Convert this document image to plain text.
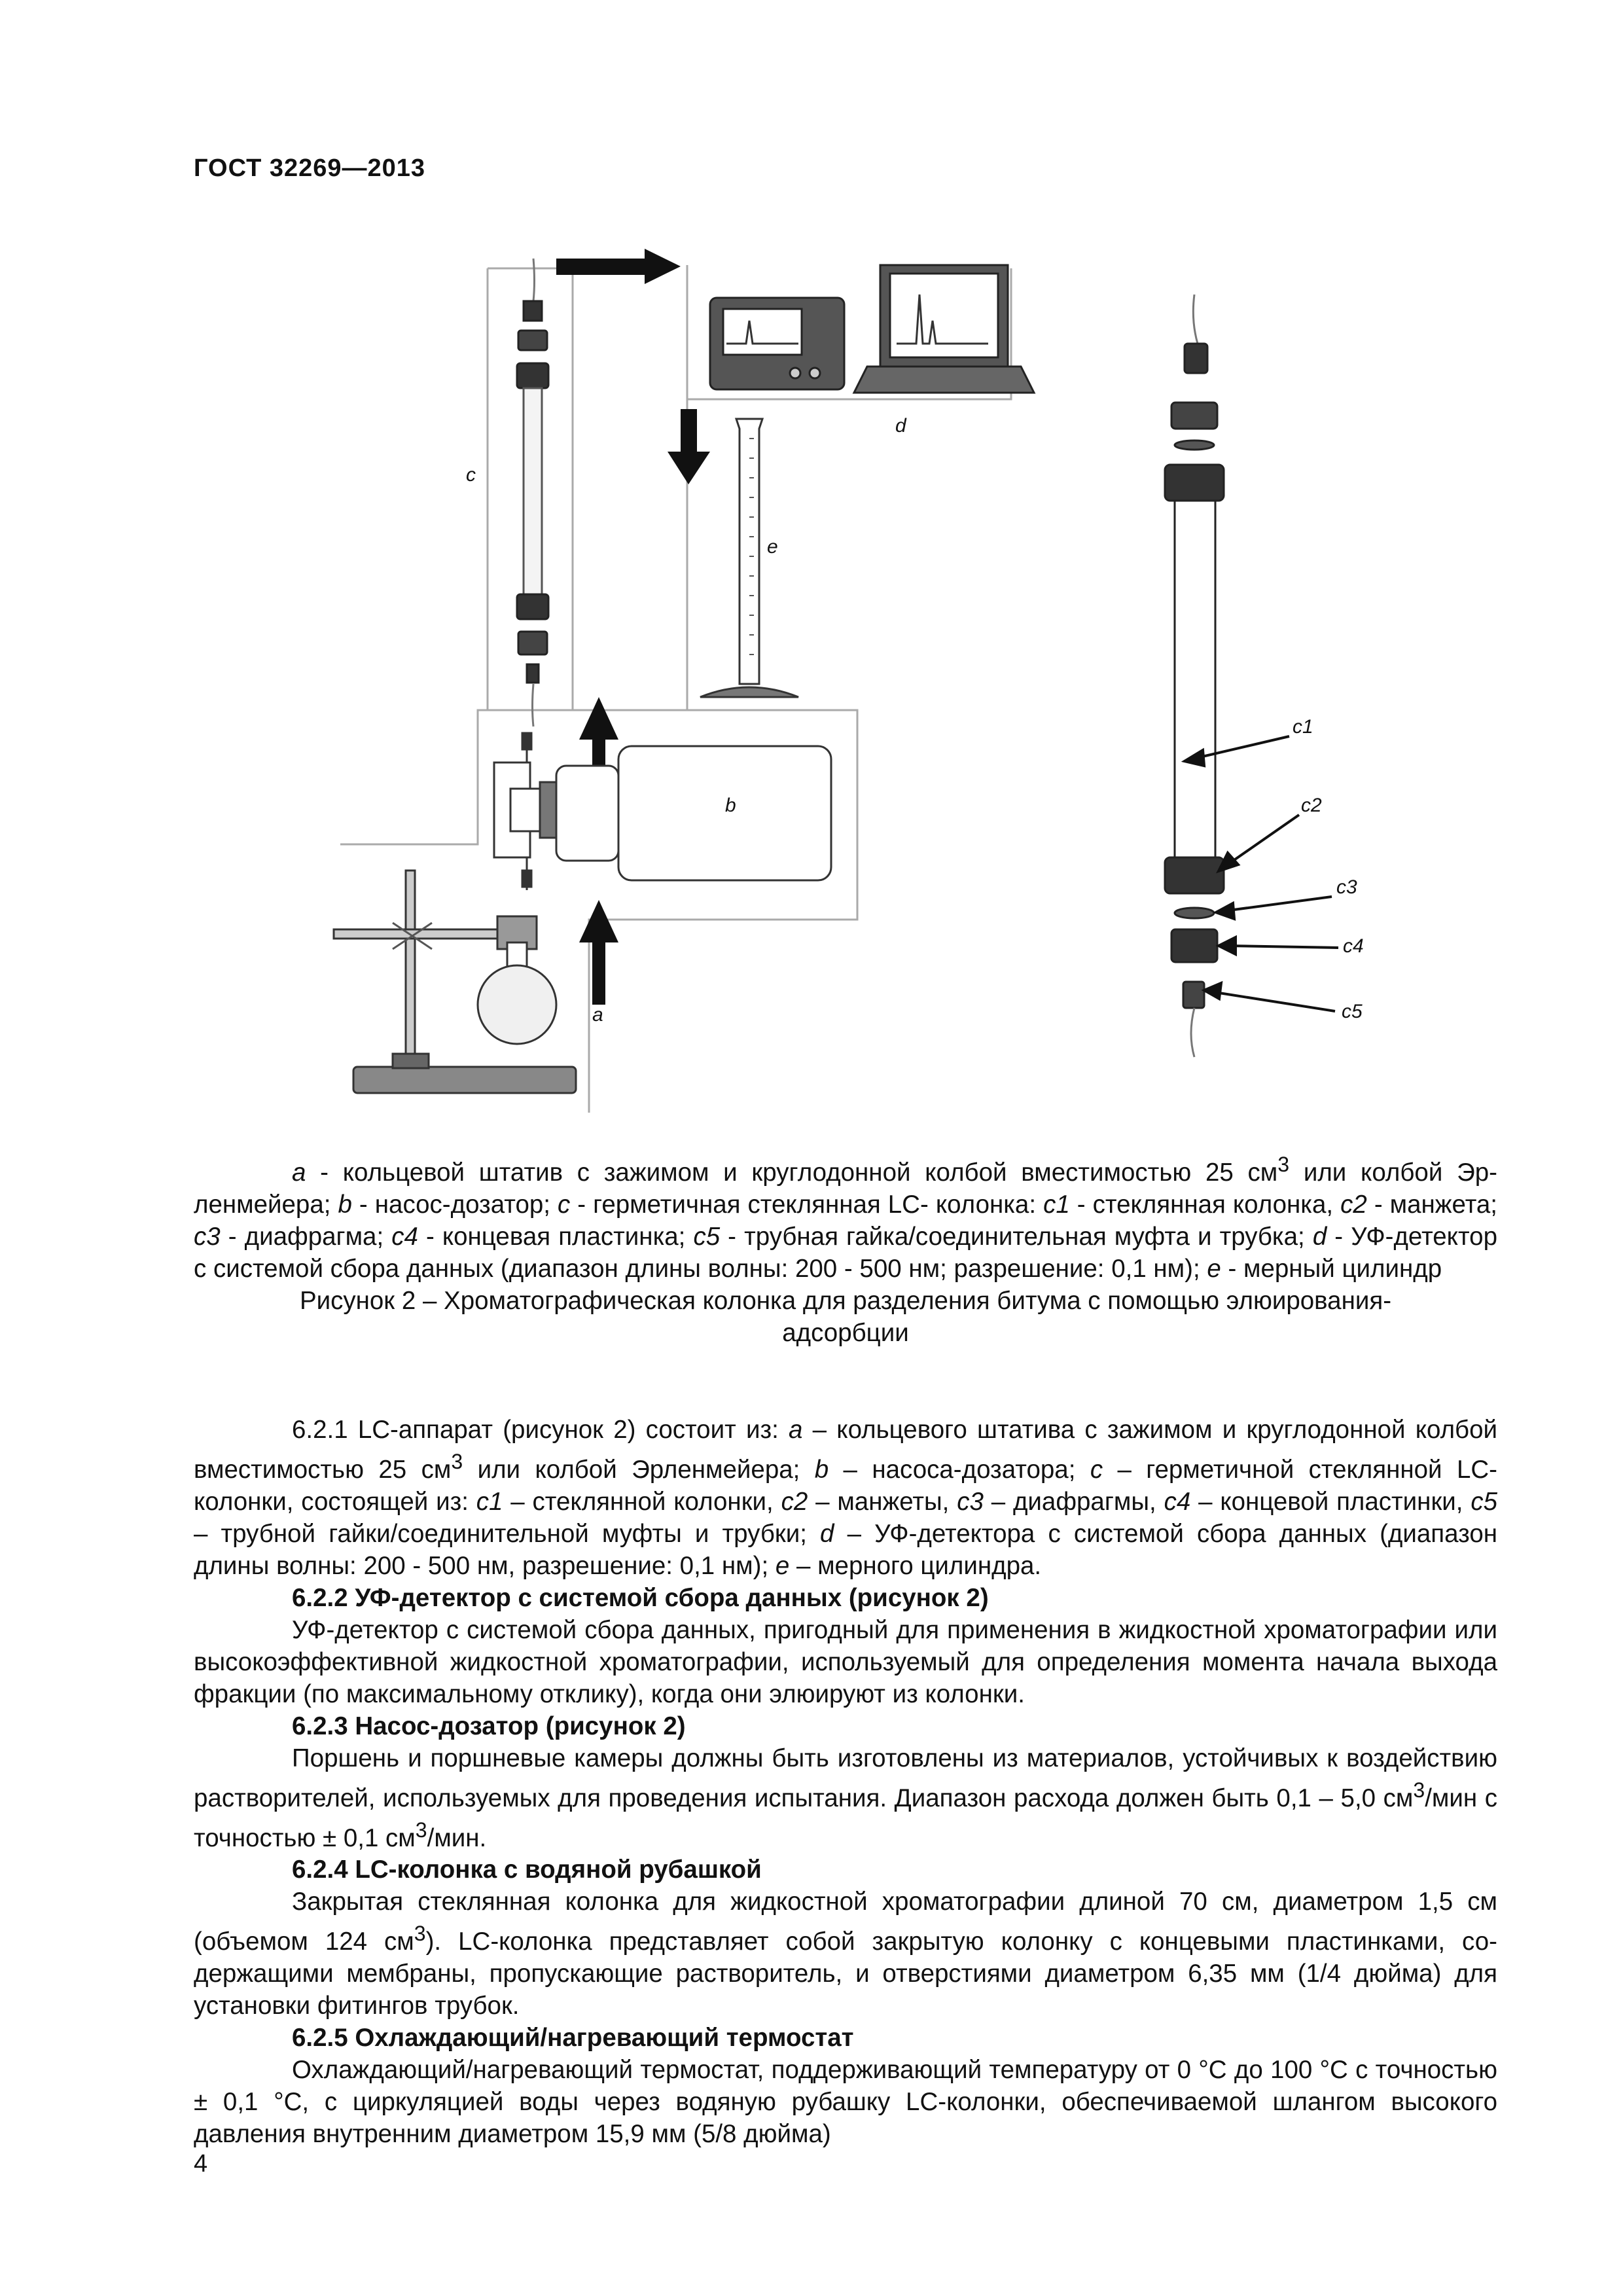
ГОСТ 32269—2013
a
b
c
d
e
c1
c2
c3
c4
c5

a - кольцевой штатив с зажимом и круглодонной колбой вместимостью 25 $см^3$ или колбой Эрленмейера; b - насос-дозатор; c - герметичная стеклянная LC- колонка: c1 - стеклянная колонка, c2 - манжета; c3 - диафрагма; c4 - концевая пластинка; c5 - трубная гайка/соединительная муфта и трубка; d - УФ-детектор с системой сбора данных (диапазон длины волны: 200 - 500 нм; разрешение: 0,1 нм); e - мерный цилиндр

Рисунок 2 – Хроматографическая колонка для разделения битума с помощью элюирования-адсорбции

6.2.1 LC-аппарат (рисунок 2) состоит из: a – кольцевого штатива с зажимом и круглодонной колбой вместимостью 25 $см^3$ или колбой Эрленмейера; b – насоса-дозатора; c – герметичной стеклянной LC-колонки, состоящей из: c1 – стеклянной колонки, c2 – манжеты, c3 – диафрагмы, c4 – концевой пластинки, c5 – трубной гайки/соединительной муфты и трубки; d – УФ-детектора с системой сбора данных (диапазон длины волны: 200 - 500 нм, разрешение: 0,1 нм); e – мерного цилиндра.

6.2.2 УФ-детектор с системой сбора данных (рисунок 2)

УФ-детектор с системой сбора данных, пригодный для применения в жидкостной хроматографии или высокоэффективной жидкостной хроматографии, используемый для определения момента начала выхода фракции (по максимальному отклику), когда они элюируют из колонки.

6.2.3 Насос-дозатор (рисунок 2)

Поршень и поршневые камеры должны быть изготовлены из материалов, устойчивых к воздействию растворителей, используемых для проведения испытания. Диапазон расхода должен быть 0,1 – 5,0 $см^3$/мин с точностью ± 0,1 $см^3$/мин.

6.2.4 LC-колонка с водяной рубашкой

Закрытая стеклянная колонка для жидкостной хроматографии длиной 70 см, диаметром 1,5 см (объемом 124 $см^3$). LC-колонка представляет собой закрытую колонку с концевыми пластинками, содержащими мембраны, пропускающие растворитель, и отверстиями диаметром 6,35 мм (1/4 дюйма) для установки фитингов трубок.

6.2.5 Охлаждающий/нагревающий термостат

Охлаждающий/нагревающий термостат, поддерживающий температуру от 0 °С до 100 °С с точностью ± 0,1 °С, с циркуляцией воды через водяную рубашку LC-колонки, обеспечиваемой шлангом высокого давления внутренним диаметром 15,9 мм (5/8 дюйма)

4
